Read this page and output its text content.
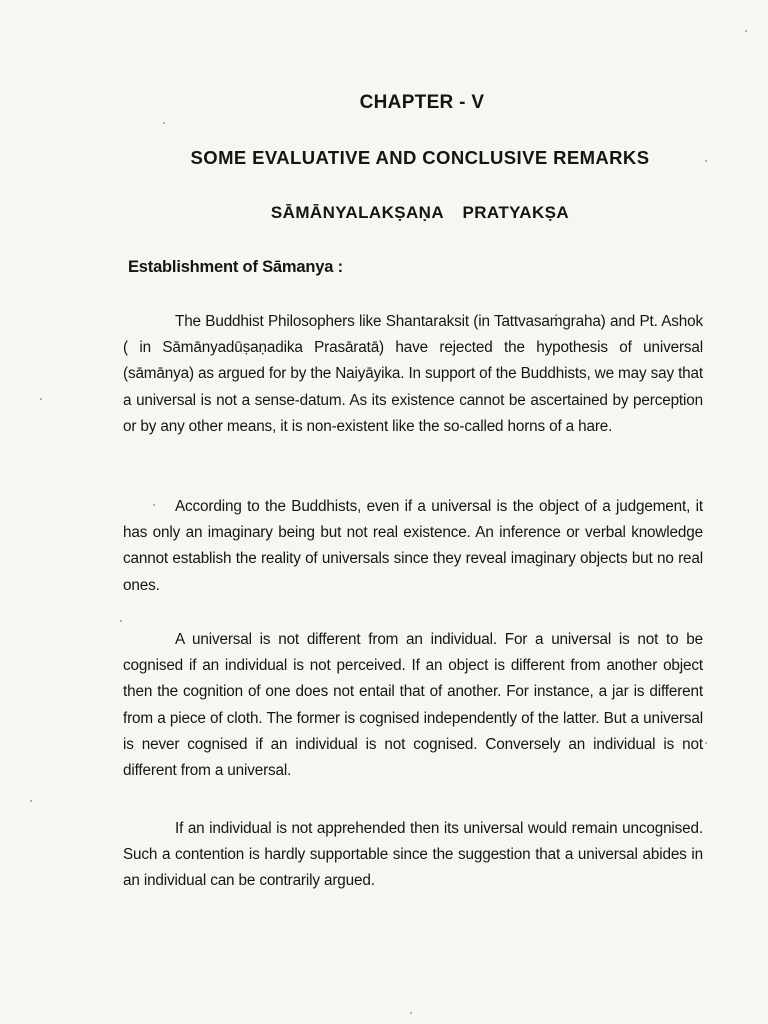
CHAPTER - V
SOME EVALUATIVE AND CONCLUSIVE REMARKS
SĀMĀNYALAKṢAṆA PRATYAKṢA
Establishment of Sāmanya :
The Buddhist Philosophers like Shantaraksit (in Tattvasaṁgraha) and Pt. Ashok ( in Sāmānyadūṣaṇadika Prasāratā) have rejected the hypothesis of universal (sāmānya) as argued for by the Naiyāyika. In support of the Buddhists, we may say that a universal is not a sense-datum. As its existence cannot be ascertained by perception or by any other means, it is non-existent like the so-called horns of a hare.
According to the Buddhists, even if a universal is the object of a judgement, it has only an imaginary being but not real existence. An inference or verbal knowledge cannot establish the reality of universals since they reveal imaginary objects but no real ones.
A universal is not different from an individual. For a universal is not to be cognised if an individual is not perceived. If an object is different from another object then the cognition of one does not entail that of another. For instance, a jar is different from a piece of cloth. The former is cognised independently of the latter. But a universal is never cognised if an individual is not cognised. Conversely an individual is not different from a universal.
If an individual is not apprehended then its universal would remain uncognised. Such a contention is hardly supportable since the suggestion that a universal abides in an individual can be contrarily argued.
